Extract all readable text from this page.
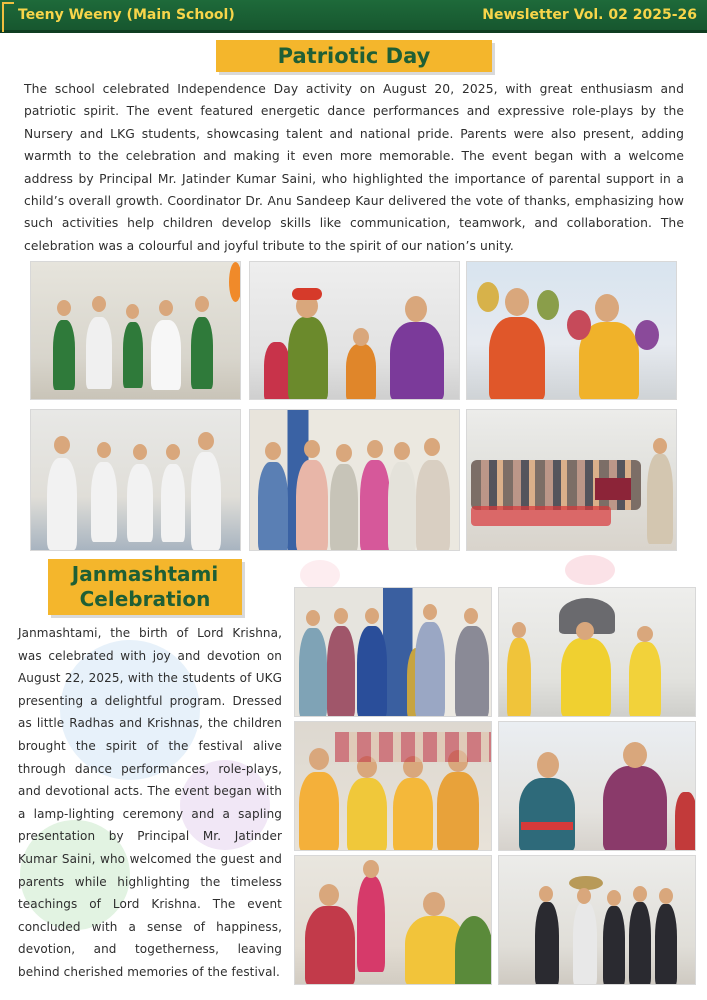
Teeny Weeny (Main School)	Newsletter Vol. 02 2025-26
Patriotic Day

The school celebrated Independence Day activity on August 20, 2025, with great enthusiasm and patriotic spirit. The event featured energetic dance performances and expressive role-plays by the Nursery and LKG students, showcasing talent and national pride. Parents were also present, adding warmth to the celebration and making it even more memorable. The event began with a welcome address by Principal Mr. Jatinder Kumar Saini, who highlighted the importance of parental support in a child’s overall growth. Coordinator Dr. Anu Sandeep Kaur delivered the vote of thanks, emphasizing how such activities help children develop skills like communication, teamwork, and collaboration. The celebration was a colourful and joyful tribute to the spirit of our nation’s unity.

Janmashtami
Celebration

Janmashtami, the birth of Lord Krishna, was celebrated with joy and devotion on August 22, 2025, with the students of UKG presenting a delightful program. Dressed as little Radhas and Krishnas, the children brought the spirit of the festival alive through dance performances, role-plays, and devotional acts. The event began with a lamp-lighting ceremony and a sapling presentation by Principal Mr. Jatinder Kumar Saini, who welcomed the guest and parents while highlighting the timeless teachings of Lord Krishna. The event concluded with a sense of happiness, devotion, and togetherness, leaving behind cherished memories of the festival.
